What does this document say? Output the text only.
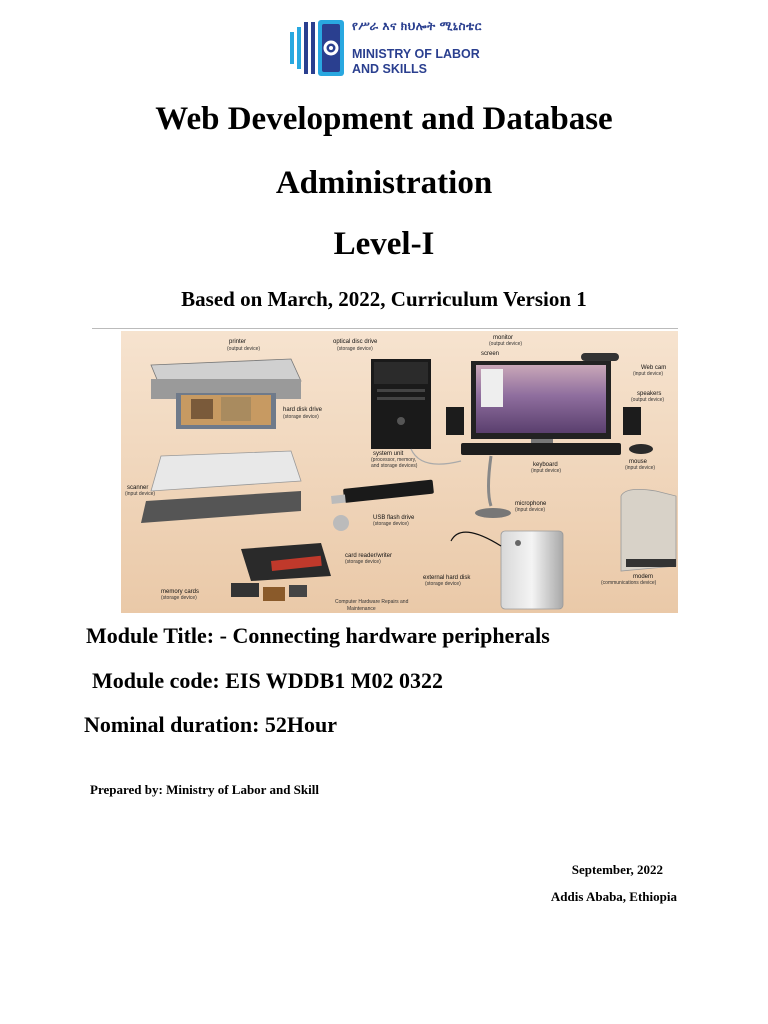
የሥራ እና ክህሎት ሚኒስቴር
MINISTRY OF LABOR
AND SKILLS
Web Development and Database
Administration
Level-I
Based on March, 2022, Curriculum Version 1
printer
(output device)
optical disc drive
(storage device)
hard disk drive
(storage device)
system unit
(processor, memory,
and storage devices)
monitor
(output device)
screen
Web cam
(input device)
speakers
(output device)
keyboard
(input device)
mouse
(input device)
scanner
(input device)
microphone
(input device)
USB flash drive
(storage device)
card reader/writer
(storage device)
memory cards
(storage device)
external hard disk
(storage device)
modem
(communications device)
Computer Hardware Repairs and
Maintenance
Module Title: - Connecting hardware peripherals
Module code: EIS WDDB1 M02 0322
Nominal duration: 52Hour
Prepared by: Ministry of Labor and Skill
September, 2022
Addis Ababa, Ethiopia
